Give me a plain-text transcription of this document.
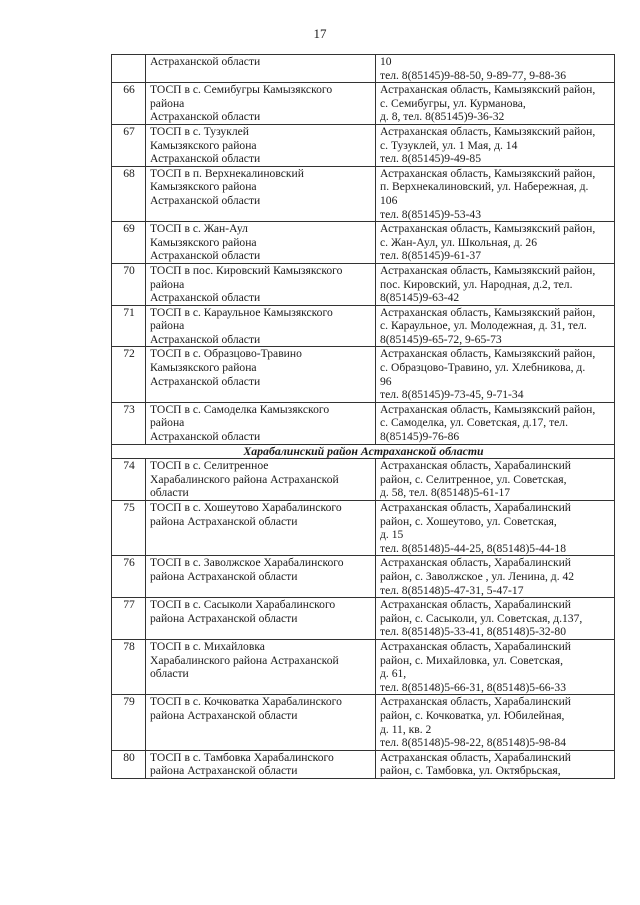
17
	Астраханской области	10
тел. 8(85145)9-88-50, 9-89-77, 9-88-36
66	ТОСП в с. Семибугры Камызякского
района
Астраханской области	Астраханская область, Камызякский район,
с. Семибугры, ул. Курманова,
д. 8, тел. 8(85145)9-36-32
67	ТОСП в с. Тузуклей
Камызякского района
Астраханской области	Астраханская область, Камызякский район,
с. Тузуклей, ул. 1 Мая, д. 14
тел. 8(85145)9-49-85
68	ТОСП в п. Верхнекалиновский
Камызякского района
Астраханской области	Астраханская область, Камызякский район,
п. Верхнекалиновский, ул. Набережная, д.
106
тел. 8(85145)9-53-43
69	ТОСП в с. Жан-Аул
Камызякского района
Астраханской области	Астраханская область, Камызякский район,
с. Жан-Аул, ул. Школьная, д. 26
тел. 8(85145)9-61-37
70	ТОСП в пос. Кировский Камызякского
района
Астраханской области	Астраханская область, Камызякский район,
пос. Кировский, ул. Народная, д.2, тел.
8(85145)9-63-42
71	ТОСП в с. Караульное Камызякского
района
Астраханской области	Астраханская область, Камызякский район,
с. Караульное, ул. Молодежная, д. 31, тел.
8(85145)9-65-72, 9-65-73
72	ТОСП в с. Образцово-Травино
Камызякского района
Астраханской области	Астраханская область, Камызякский район,
с. Образцово-Травино, ул. Хлебникова, д.
96
тел. 8(85145)9-73-45, 9-71-34
73	ТОСП в с. Самоделка Камызякского
района
Астраханской области	Астраханская область, Камызякский район,
с. Самоделка, ул. Советская, д.17, тел.
8(85145)9-76-86
Харабалинский район Астраханской области		
74	ТОСП в с. Селитренное
Харабалинского района Астраханской
области	Астраханская область, Харабалинский
район, с. Селитренное, ул. Советская,
д. 58, тел. 8(85148)5-61-17
75	ТОСП в с. Хошеутово Харабалинского
района Астраханской области	Астраханская область, Харабалинский
район, с. Хошеутово, ул. Советская,
д. 15
тел. 8(85148)5-44-25, 8(85148)5-44-18
76	ТОСП в с. Заволжское Харабалинского
района Астраханской области	Астраханская область, Харабалинский
район, с. Заволжское , ул. Ленина, д. 42
тел. 8(85148)5-47-31, 5-47-17
77	ТОСП в с. Сасыколи Харабалинского
района Астраханской области	Астраханская область, Харабалинский
район, с. Сасыколи, ул. Советская, д.137,
тел. 8(85148)5-33-41, 8(85148)5-32-80
78	ТОСП в с. Михайловка
Харабалинского района Астраханской
области	Астраханская область, Харабалинский
район, с. Михайловка, ул. Советская,
д. 61,
тел. 8(85148)5-66-31, 8(85148)5-66-33
79	ТОСП в с. Кочковатка Харабалинского
района Астраханской области	Астраханская область, Харабалинский
район, с. Кочковатка, ул. Юбилейная,
д. 11, кв. 2
тел. 8(85148)5-98-22, 8(85148)5-98-84
80	ТОСП в с. Тамбовка Харабалинского
района Астраханской области	Астраханская область, Харабалинский
район, с. Тамбовка, ул. Октябрьская,
